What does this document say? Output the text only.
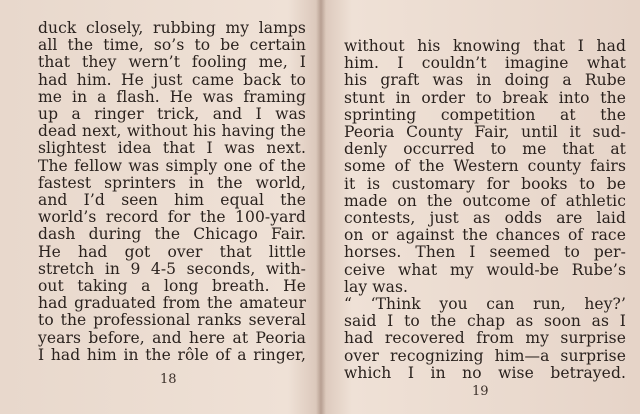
duck closely, rubbing my lamps
all the time, so’s to be certain
that they wern’t fooling me, I
had him. He just came back to
me in a flash. He was framing
up a ringer trick, and I was
dead next, without his having the
slightest idea that I was next.
The fellow was simply one of the
fastest sprinters in the world,
and I’d seen him equal the
world’s record for the 100-yard
dash during the Chicago Fair.
He had got over that little
stretch in 9 4-5 seconds, with-
out taking a long breath. He
had graduated from the amateur
to the professional ranks several
years before, and here at Peoria
I had him in the rôle of a ringer,
18
without his knowing that I had
him. I couldn’t imagine what
his graft was in doing a Rube
stunt in order to break into the
sprinting competition at the
Peoria County Fair, until it sud-
denly occurred to me that at
some of the Western county fairs
it is customary for books to be
made on the outcome of athletic
contests, just as odds are laid
on or against the chances of race
horses. Then I seemed to per-
ceive what my would-be Rube’s
lay was.
“ ‘Think you can run, hey?’
said I to the chap as soon as I
had recovered from my surprise
over recognizing him—a surprise
which I in no wise betrayed.
19
